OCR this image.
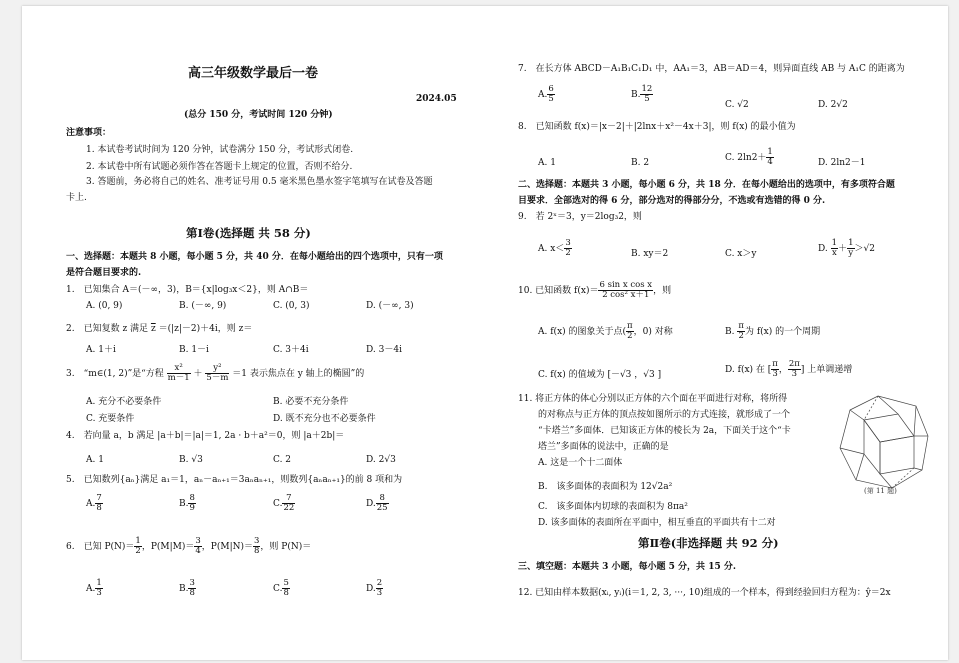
高三年级数学最后一卷
2024.05
(总分 150 分，考试时间 120 分钟)
注意事项：
1. 本试卷考试时间为 120 分钟，试卷满分 150 分，考试形式闭卷.
2. 本试卷中所有试题必须作答在答题卡上规定的位置，否则不给分.
3. 答题前，务必将自己的姓名、准考证号用 0.5 毫米黑色墨水签字笔填写在试卷及答题
卡上.
第Ⅰ卷(选择题 共 58 分)
一、选择题：本题共 8 小题，每小题 5 分，共 40 分．在每小题给出的四个选项中，只有一项
是符合题目要求的.
1.　已知集合 A＝(－∞，3)，B＝{x|log₃x＜2}，则 A∩B＝
A. (0, 9)	B. (－∞, 9)	C. (0, 3)	D. (－∞, 3)
2.　已知复数 z 满足 $\overline{z} =(|z|-2)+4i$，则 z＝
A. 1＋i	B. 1－i	C. 3＋4i	D. 3－4i
3.　“m∈(1, 2)”是“方程 $\frac{\text{x²}}{m-1} + \frac{\text{y²}}{5-m} =1$ 表示焦点在 y 轴上的椭圆”的
A. 充分不必要条件	B. 必要不充分条件
C. 充要条件	D. 既不充分也不必要条件
4.　若向量 a，b 满足 |a＋b|＝|a|＝1, 2a · b＋a²＝0，则 |a＋2b|＝
A. 1	B. √3	C. 2	D. 2√3
5.　已知数列{aₙ}满足 a₁＝1，aₙ－aₙ₊₁＝3aₙaₙ₊₁，则数列{aₙaₙ₊₁}的前 8 项和为
A. $\frac{7}{8}$	B. $\frac{8}{9}$	C. $\frac{7}{22}$	D. $\frac{8}{25}$
6.　已知 $P(N)= \frac{1}{2}$ ，$P(M|M)= \frac{3}{4}$ ，$P(M|N)= \frac{3}{8}$ ，则 P(N)＝
A. $\frac{1}{3}$	B. $\frac{3}{8}$	C. $\frac{5}{8}$	D. $\frac{2}{3}$
7.　在长方体 ABCD－A₁B₁C₁D₁ 中，AA₁＝3，AB＝AD＝4，则异面直线 AB 与 A₁C 的距离为
A. $\frac{6}{5}$	B. $\frac{12}{5}$
C. √2	D. 2√2
8.　已知函数 f(x)＝|x－2|＋|2lnx＋x²－4x＋3|，则 f(x) 的最小值为
A. 1	B. 2	C. $2\ln 2+ \frac{1}{4}$	D. 2ln2－1
二、选择题：本题共 3 小题，每小题 6 分，共 18 分．在每小题给出的选项中，有多项符合题
目要求．全部选对的得 6 分，部分选对的得部分分，不选或有选错的得 0 分.
9.　若 2ˣ＝3，y＝2log₃2，则
A. $x< \frac{3}{2}$	B. xy＝2	C. x＞y	D. $\frac{1}{x} + \frac{1}{y} >√2$
10. 已知函数 $f(x)= \frac{\text{6 sin x cos x}}{\text{2 cos² x＋1}}$ ，则
A. f(x) 的图象关于点( $\frac{\pi}{2}$ ，0) 对称	B. $\frac{\pi}{2}$ 为 f(x) 的一个周期
C. f(x) 的值域为 [－√3 ，√3 ]	D. f(x) 在 [ $\frac{\pi}{3}$ ， $\frac{2\pi}{3}$ ] 上单调递增
11. 将正方体的体心分别以正方体的六个面在平面进行对称，将所得
的对称点与正方体的顶点按如图所示的方式连接，就形成了一个
“卡塔兰”多面体．已知该正方体的棱长为 2a，下面关于这个“卡
塔兰”多面体的说法中，正确的是
A. 这是一个十二面体
B.　该多面体的表面积为 12√2a²
C.　该多面体内切球的表面积为 8πa²
D. 该多面体的表面所在平面中，相互垂直的平面共有十二对
(第 11 题)
第Ⅱ卷(非选择题 共 92 分)
三、填空题：本题共 3 小题，每小题 5 分，共 15 分.
12. 已知由样本数据(xᵢ, yᵢ)(i＝1, 2, 3, ···, 10)组成的一个样本，得到经验回归方程为：ŷ＝2x
